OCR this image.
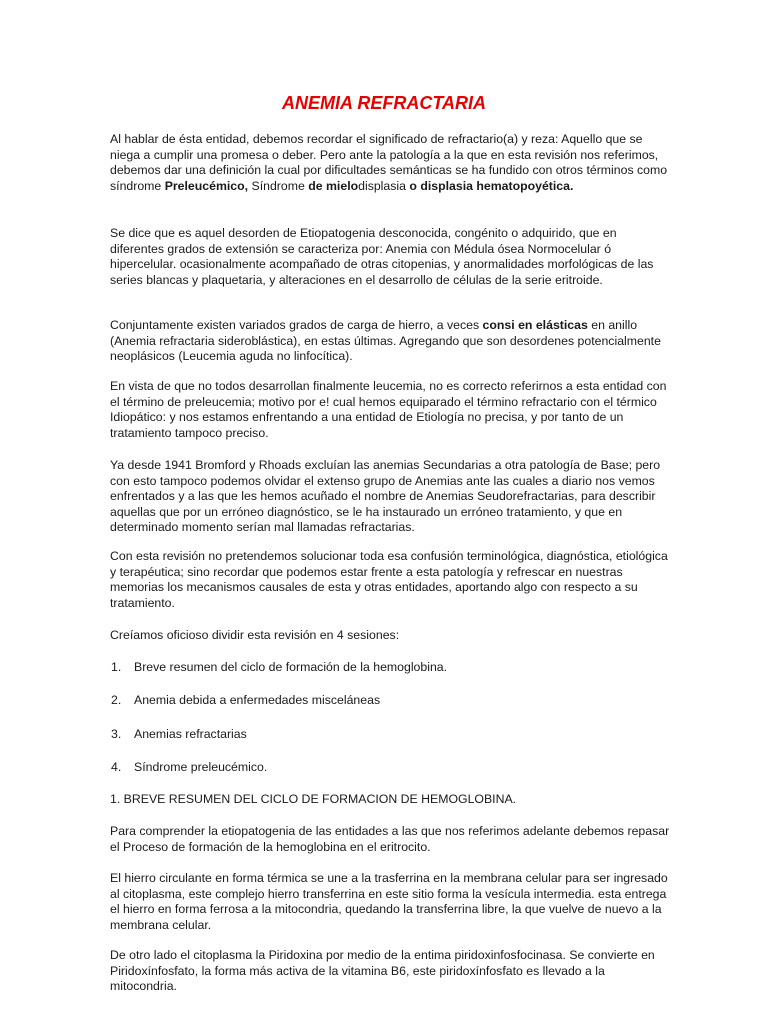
ANEMIA REFRACTARIA

Al hablar de ésta entidad, debemos recordar el significado de refractario(a) y reza: Aquello que se niega a cumplir una promesa o deber. Pero ante la patología a la que en esta revisión nos referimos, debemos dar una definición la cual por dificultades semánticas se ha fundido con otros términos como síndrome Preleucémico, Síndrome de mielodisplasia o displasia hematopoyética.

Se dice que es aquel desorden de Etiopatogenia desconocida, congénito o adquirido, que en diferentes grados de extensión se caracteriza por: Anemia con Médula ósea Normocelular ó hipercelular. ocasionalmente acompañado de otras citopenias, y anormalidades morfológicas de las series blancas y plaquetaria, y alteraciones en el desarrollo de células de la serie eritroide.

Conjuntamente existen variados grados de carga de hierro, a veces consi en elásticas en anillo (Anemia refractaria sideroblástica), en estas últimas. Agregando que son desordenes potencialmente neoplásicos (Leucemia aguda no linfocítica).

En vista de que no todos desarrollan finalmente leucemia, no es correcto referirnos a esta entidad con el término de preleucemia; motivo por e! cual hemos equiparado el término refractario con el térmico Idiopático: y nos estamos enfrentando a una entidad de Etiología no precisa, y por tanto de un tratamiento tampoco preciso.

Ya desde 1941 Bromford y Rhoads excluían las anemias Secundarias a otra patología de Base; pero con esto tampoco podemos olvidar el extenso grupo de Anemias ante las cuales a diario nos vemos enfrentados y a las que les hemos acuñado el nombre de Anemias Seudorefractarias, para describir aquellas que por un erróneo diagnóstico, se le ha instaurado un erróneo tratamiento, y que en determinado momento serían mal llamadas refractarias.

Con esta revisión no pretendemos solucionar toda esa confusión terminológica, diagnóstica, etiológica y terapéutica; sino recordar que podemos estar frente a esta patología y refrescar en nuestras memorias los mecanismos causales de esta y otras entidades, aportando algo con respecto a su tratamiento.

Creíamos oficioso dividir esta revisión en 4 sesiones:

1. Breve resumen del ciclo de formación de la hemoglobina.

2. Anemia debida a enfermedades misceláneas

3. Anemias refractarias

4. Síndrome preleucémico.

1. BREVE RESUMEN DEL CICLO DE FORMACION DE HEMOGLOBINA.

Para comprender la etiopatogenia de las entidades a las que nos referimos adelante debemos repasar el Proceso de formación de la hemoglobina en el eritrocito.

El hierro circulante en forma térmica se une a la trasferrina en la membrana celular para ser ingresado al citoplasma, este complejo hierro transferrina en este sitio forma la vesícula intermedia. esta entrega el hierro en forma ferrosa a la mitocondria, quedando la transferrina libre, la que vuelve de nuevo a la membrana celular.

De otro lado el citoplasma la Piridoxina por medio de la entima piridoxinfosfocinasa. Se convierte en Piridoxínfosfato, la forma más activa de la vitamina B6, este piridoxínfosfato es llevado a la mitocondria.
